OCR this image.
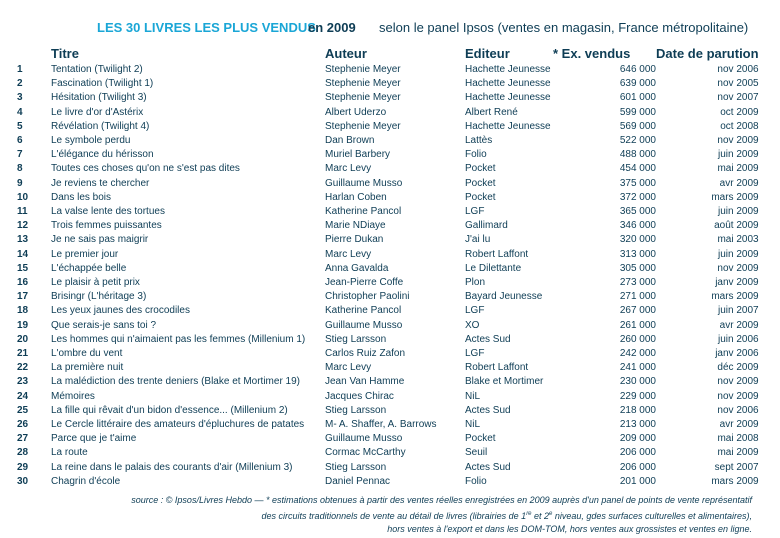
LES 30 LIVRES LES PLUS VENDUS
en 2009 selon le panel Ipsos (ventes en magasin, France métropolitaine)
	Titre	Auteur	Editeur	* Ex. vendus	Date de parution
1	Tentation (Twilight 2)	Stephenie Meyer	Hachette Jeunesse	646 000	nov 2006
2	Fascination (Twilight 1)	Stephenie Meyer	Hachette Jeunesse	639 000	nov 2005
3	Hésitation (Twilight 3)	Stephenie Meyer	Hachette Jeunesse	601 000	nov 2007
4	Le livre d'or d'Astérix	Albert Uderzo	Albert René	599 000	oct 2009
5	Révélation (Twilight 4)	Stephenie Meyer	Hachette Jeunesse	569 000	oct 2008
6	Le symbole perdu	Dan Brown	Lattès	522 000	nov 2009
7	L'élégance du hérisson	Muriel Barbery	Folio	488 000	juin 2009
8	Toutes ces choses qu'on ne s'est pas dites	Marc Levy	Pocket	454 000	mai 2009
9	Je reviens te chercher	Guillaume Musso	Pocket	375 000	avr 2009
10	Dans les bois	Harlan Coben	Pocket	372 000	mars 2009
11	La valse lente des tortues	Katherine Pancol	LGF	365 000	juin 2009
12	Trois femmes puissantes	Marie NDiaye	Gallimard	346 000	août 2009
13	Je ne sais pas maigrir	Pierre Dukan	J'ai lu	320 000	mai 2003
14	Le premier jour	Marc Levy	Robert Laffont	313 000	juin 2009
15	L'échappée belle	Anna Gavalda	Le Dilettante	305 000	nov 2009
16	Le plaisir à petit prix	Jean-Pierre Coffe	Plon	273 000	janv 2009
17	Brisingr (L'héritage 3)	Christopher Paolini	Bayard Jeunesse	271 000	mars 2009
18	Les yeux jaunes des crocodiles	Katherine Pancol	LGF	267 000	juin 2007
19	Que serais-je sans toi ?	Guillaume Musso	XO	261 000	avr 2009
20	Les hommes qui n'aimaient pas les femmes (Millenium 1)	Stieg Larsson	Actes Sud	260 000	juin 2006
21	L'ombre du vent	Carlos Ruiz Zafon	LGF	242 000	janv 2006
22	La première nuit	Marc Levy	Robert Laffont	241 000	déc 2009
23	La malédiction des trente deniers (Blake et Mortimer 19)	Jean Van Hamme	Blake et Mortimer	230 000	nov 2009
24	Mémoires	Jacques Chirac	NiL	229 000	nov 2009
25	La fille qui rêvait d'un bidon d'essence... (Millenium 2)	Stieg Larsson	Actes Sud	218 000	nov 2006
26	Le Cercle littéraire des amateurs d'épluchures de patates	M- A. Shaffer, A. Barrows	NiL	213 000	avr 2009
27	Parce que je t'aime	Guillaume Musso	Pocket	209 000	mai 2008
28	La route	Cormac McCarthy	Seuil	206 000	mai 2009
29	La reine dans le palais des courants d'air (Millenium 3)	Stieg Larsson	Actes Sud	206 000	sept 2007
30	Chagrin d'école	Daniel Pennac	Folio	201 000	mars 2009
source : © Ipsos/Livres Hebdo — * estimations obtenues à partir des ventes réelles enregistrées en 2009 auprès d'un panel de points de vente représentatif
des circuits traditionnels de vente au détail de livres (librairies de 1re et 2e niveau, gdes surfaces culturelles et alimentaires),
hors ventes à l'export et dans les DOM-TOM, hors ventes aux grossistes et ventes en ligne.
